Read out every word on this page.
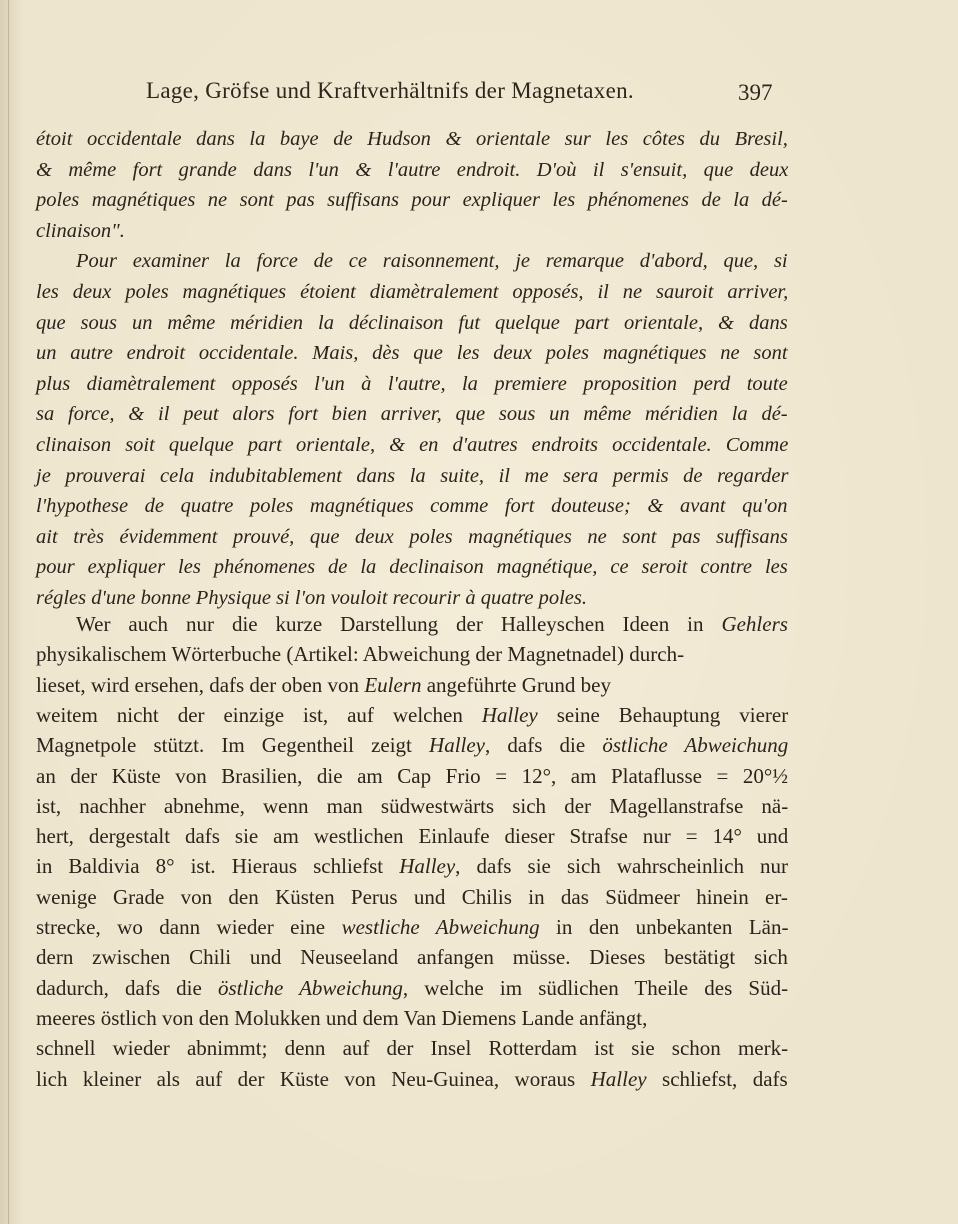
Lage, Gröfse und Kraftverhältnifs der Magnetaxen.	397
étoit occidentale dans la baye de Hudson & orientale sur les côtes du Bresil,
& même fort grande dans l'un & l'autre endroit. D'où il s'ensuit, que deux
poles magnétiques ne sont pas suffisans pour expliquer les phénomenes de la dé-
clinaison".
Pour examiner la force de ce raisonnement, je remarque d'abord, que, si
les deux poles magnétiques étoient diamètralement opposés, il ne sauroit arriver,
que sous un même méridien la déclinaison fut quelque part orientale, & dans
un autre endroit occidentale. Mais, dès que les deux poles magnétiques ne sont
plus diamètralement opposés l'un à l'autre, la premiere proposition perd toute
sa force, & il peut alors fort bien arriver, que sous un même méridien la dé-
clinaison soit quelque part orientale, & en d'autres endroits occidentale. Comme
je prouverai cela indubitablement dans la suite, il me sera permis de regarder
l'hypothese de quatre poles magnétiques comme fort douteuse; & avant qu'on
ait très évidemment prouvé, que deux poles magnétiques ne sont pas suffisans
pour expliquer les phénomenes de la declinaison magnétique, ce seroit contre les
régles d'une bonne Physique si l'on vouloit recourir à quatre poles.
Wer auch nur die kurze Darstellung der Halleyschen Ideen in Gehlers
physikalischem Wörterbuche (Artikel: Abweichung der Magnetnadel) durch-
lieset, wird ersehen, dafs der oben von Eulern angeführte Grund bey
weitem nicht der einzige ist, auf welchen Halley seine Behauptung vierer
Magnetpole stützt. Im Gegentheil zeigt Halley, dafs die östliche Abweichung
an der Küste von Brasilien, die am Cap Frio = 12°, am Plataflusse = 20°½
ist, nachher abnehme, wenn man südwestwärts sich der Magellanstrafse nä-
hert, dergestalt dafs sie am westlichen Einlaufe dieser Strafse nur = 14° und
in Baldivia 8° ist. Hieraus schliefst Halley, dafs sie sich wahrscheinlich nur
wenige Grade von den Küsten Perus und Chilis in das Südmeer hinein er-
strecke, wo dann wieder eine westliche Abweichung in den unbekanten Län-
dern zwischen Chili und Neuseeland anfangen müsse. Dieses bestätigt sich
dadurch, dafs die östliche Abweichung, welche im südlichen Theile des Süd-
meeres östlich von den Molukken und dem Van Diemens Lande anfängt,
schnell wieder abnimmt; denn auf der Insel Rotterdam ist sie schon merk-
lich kleiner als auf der Küste von Neu-Guinea, woraus Halley schliefst, dafs
